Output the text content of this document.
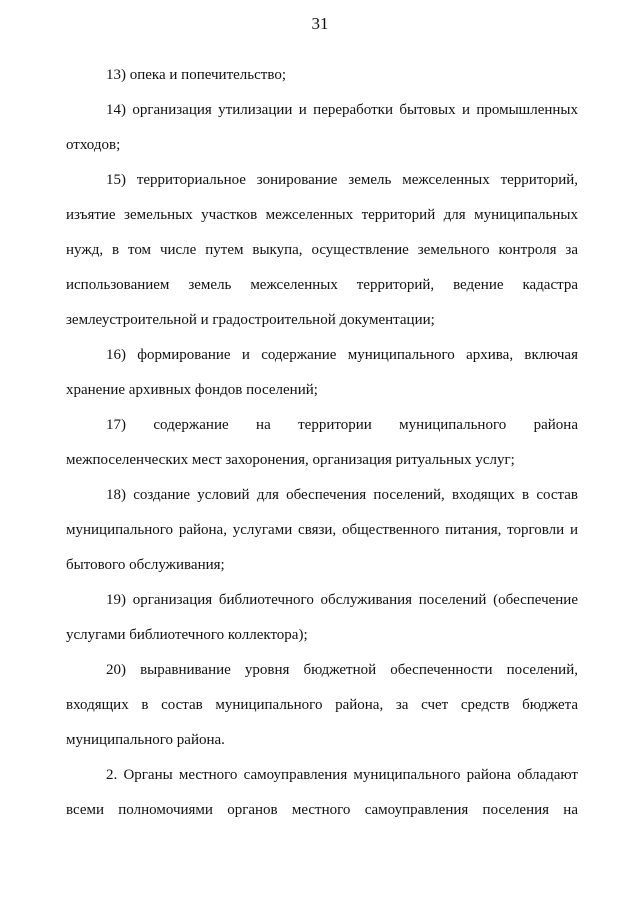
31
13) опека и попечительство;
14) организация утилизации и переработки бытовых и промышленных
отходов;
15) территориальное зонирование земель межселенных территорий,
изъятие земельных участков межселенных территорий для муниципальных
нужд, в том числе путем выкупа, осуществление земельного контроля за
использованием земель межселенных территорий, ведение кадастра
землеустроительной и градостроительной документации;
16) формирование и содержание муниципального архива, включая
хранение архивных фондов поселений;
17) содержание на территории муниципального района
межпоселенческих мест захоронения, организация ритуальных услуг;
18) создание условий для обеспечения поселений, входящих в состав
муниципального района, услугами связи, общественного питания, торговли и
бытового обслуживания;
19) организация библиотечного обслуживания поселений (обеспечение
услугами библиотечного коллектора);
20) выравнивание уровня бюджетной обеспеченности поселений,
входящих в состав муниципального района, за счет средств бюджета
муниципального района.
2. Органы местного самоуправления муниципального района обладают
всеми полномочиями органов местного самоуправления поселения на
